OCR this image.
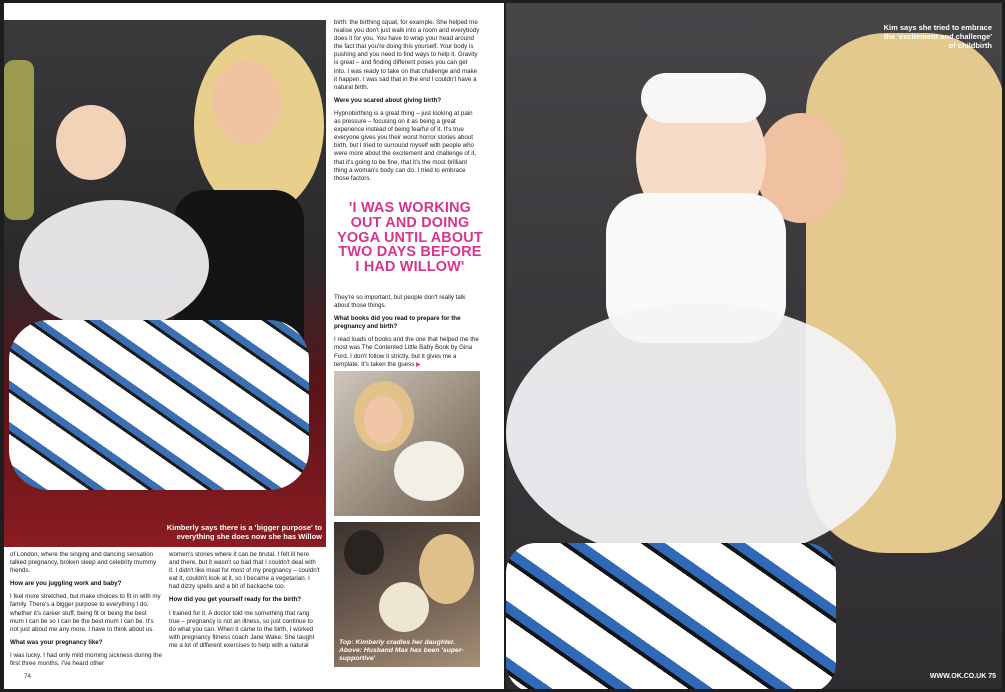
Kimberly says there is a 'bigger purpose' to everything she does now she has Willow

birth: the birthing squat, for example. She helped me realise you don't just walk into a room and everybody does it for you. You have to wrap your head around the fact that you're doing this yourself. Your body is pushing and you need to find ways to help it. Gravity is great – and finding different poses you can get into. I was ready to take on that challenge and make it happen. I was sad that in the end I couldn't have a natural birth.

Were you scared about giving birth?

Hypnobirthing is a great thing – just looking at pain as pressure – focusing on it as being a great experience instead of being fearful of it. It's true everyone gives you their worst horror stories about birth, but I tried to surround myself with people who were more about the excitement and challenge of it, that it's going to be fine, that it's the most brilliant thing a woman's body can do. I tried to embrace those factors.

'I WAS WORKING OUT AND DOING YOGA UNTIL ABOUT TWO DAYS BEFORE I HAD WILLOW'

They're so important, but people don't really talk about those things.

What books did you read to prepare for the pregnancy and birth?

I read loads of books and the one that helped me the most was The Contented Little Baby Book by Gina Ford. I don't follow it strictly, but it gives me a template. It's taken the guess ▶

Top: Kimberly cradles her daughter. Above: Husband Max has been 'super-supportive'

of London, where the singing and dancing sensation talked pregnancy, broken sleep and celebrity mummy friends.

How are you juggling work and baby?

I feel more stretched, but make choices to fit in with my family. There's a bigger purpose to everything I do, whether it's career stuff, being fit or being the best mum I can be so I can be the best mum I can be. It's not just about me any more. I have to think about us.

What was your pregnancy like?

I was lucky. I had only mild morning sickness during the first three months. I've heard other

women's stories where it can be brutal. I felt ill here and there, but it wasn't so bad that I couldn't deal with it. I didn't like meat for most of my pregnancy – couldn't eat it, couldn't look at it, so I became a vegetarian. I had dizzy spells and a bit of backache too.

How did you get yourself ready for the birth?

I trained for it. A doctor told me something that rang true – pregnancy is not an illness, so just continue to do what you can. When it came to the birth, I worked with pregnancy fitness coach Jane Wake. She taught me a lot of different exercises to help with a natural

74
Kim says she tried to embrace the 'excitement and challenge' of childbirth
WWW.OK.CO.UK 75
